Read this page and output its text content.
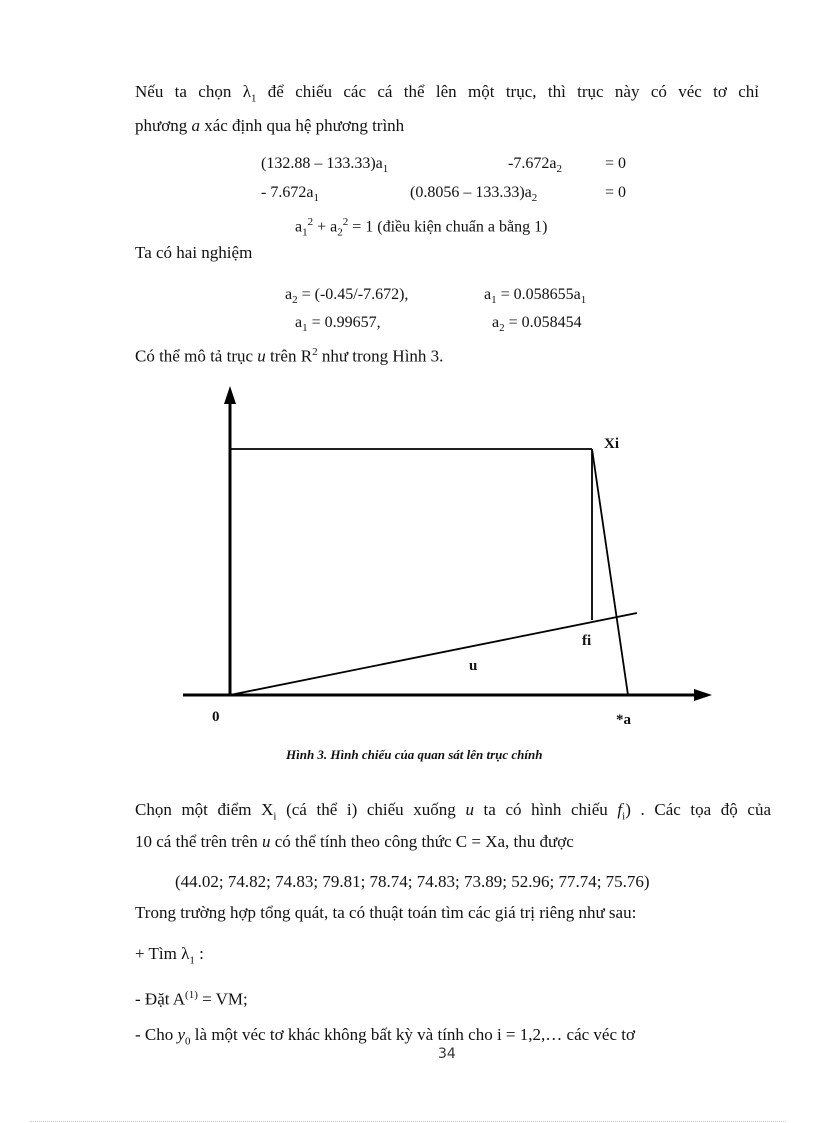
Nếu ta chọn $\lambda_1$ để chiếu các cá thể lên một trục, thì trục này có véc tơ chỉ
phương a xác định qua hệ phương trình
$(132.88 - 133.33)a_1$	$-7.672a_2$	= 0
- $7.672a_1$	$(0.8056 - 133.33)a_2$	= 0
$a_1^2 + a_2^2 = 1$ (điều kiện chuẩn a bằng 1)
Ta có hai nghiệm
$a_2 = (-0.45/-7.672)$,	$a_1 = 0.058655a_1$
$a_1 = 0.99657$,	$a_2 = 0.058454$
Có thể mô tả trục u trên $R^2$ như trong Hình 3.
Xi
fi
u
0	*a
Hình 3. Hình chiếu của quan sát lên trục chính
Chọn một điểm $X_i$ (cá thể i) chiếu xuống u ta có hình chiếu $f_i$) . Các tọa độ của
10 cá thể trên trên u có thể tính theo công thức C = Xa, thu được
(44.02; 74.82; 74.83; 79.81; 78.74; 74.83; 73.89; 52.96; 77.74; 75.76)
Trong trường hợp tổng quát, ta có thuật toán tìm các giá trị riêng như sau:
+ Tìm $\lambda_1$ :
- Đặt $A^{(1)}$ = VM;
- Cho $y_0$ là một véc tơ khác không bất kỳ và tính cho i = 1,2,… các véc tơ
34
